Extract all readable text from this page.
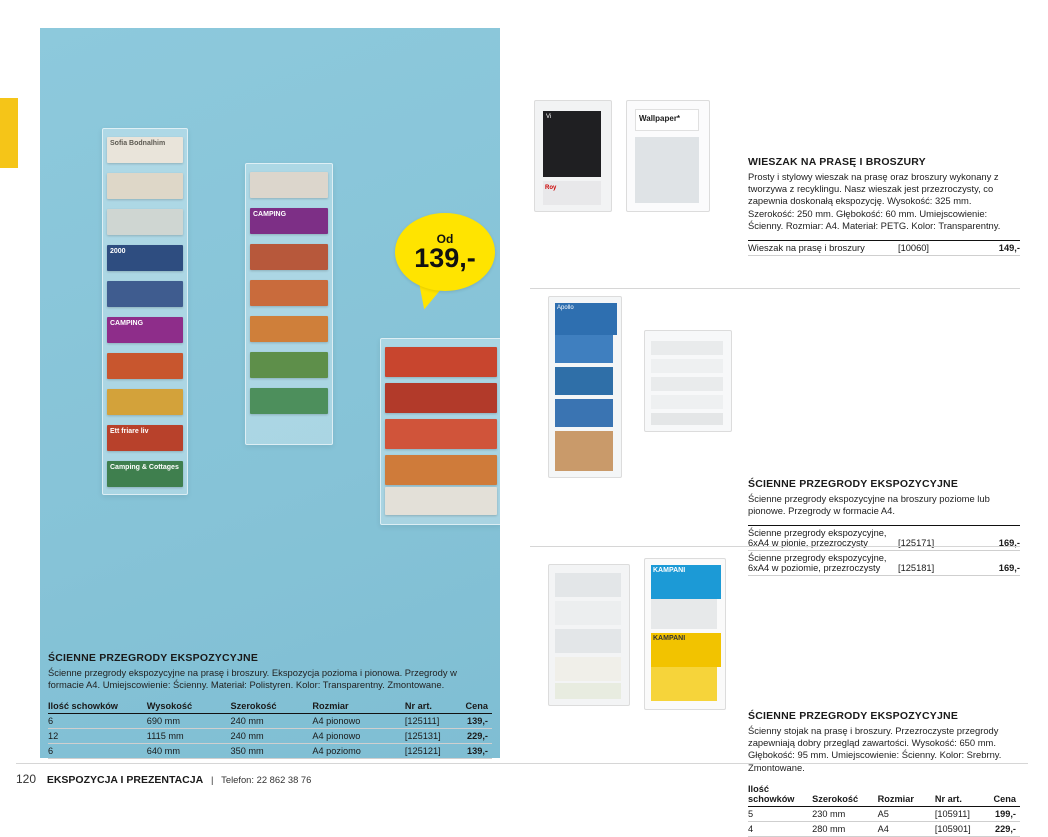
Sofia Bodnalhim
2000
CAMPING
Ett friare liv
Camping & Cottages
CAMPING
Od
139,-
ŚCIENNE PRZEGRODY EKSPOZYCYJNE

Ścienne przegrody ekspozycyjne na prasę i broszury. Ekspozycja pozioma i pionowa. Przegrody w formacie A4. Umiejscowienie: Ścienny. Materiał: Polistyren. Kolor: Transparentny. Zmontowane.

Ilość schowków	Wysokość	Szerokość	Rozmiar	Nr art.	Cena
6	690 mm	240 mm	A4 pionowo	[125111]	139,-
12	1115 mm	240 mm	A4 pionowo	[125131]	229,-
6	640 mm	350 mm	A4 poziomo	[125121]	139,-
Vi
Roy
Wallpaper*
WIESZAK NA PRASĘ I BROSZURY

Prosty i stylowy wieszak na prasę oraz broszury wykonany z tworzywa z recyklingu. Nasz wieszak jest przezroczysty, co zapewnia doskonałą ekspozycję. Wysokość: 325 mm. Szerokość: 250 mm. Głębokość: 60 mm. Umiejscowienie: Ścienny. Rozmiar: A4. Materiał: PETG. Kolor: Transparentny.

Wieszak na prasę i broszury	[10060]	149,-
Apollo
ŚCIENNE PRZEGRODY EKSPOZYCYJNE

Ścienne przegrody ekspozycyjne na broszury poziome lub pionowe. Przegrody w formacie A4.

Ścienne przegrody ekspozycyjne,
6xA4 w pionie, przezroczysty	[125171]	169,-
Ścienne przegrody ekspozycyjne,
6xA4 w poziomie, przezroczysty	[125181]	169,-
KAMPANI
KAMPANI
ŚCIENNE PRZEGRODY EKSPOZYCYJNE

Ścienny stojak na prasę i broszury. Przezroczyste przegrody zapewniają dobry przegląd zawartości. Wysokość: 650 mm. Głębokość: 95 mm. Umiejscowienie: Ścienny. Kolor: Srebrny. Zmontowane.

Ilość
schowków	Szerokość	Rozmiar	Nr art.	Cena
5	230 mm	A5	[105911]	199,-
4	280 mm	A4	[105901]	229,-
120 EKSPOZYCJA I PREZENTACJA | Telefon: 22 862 38 76
